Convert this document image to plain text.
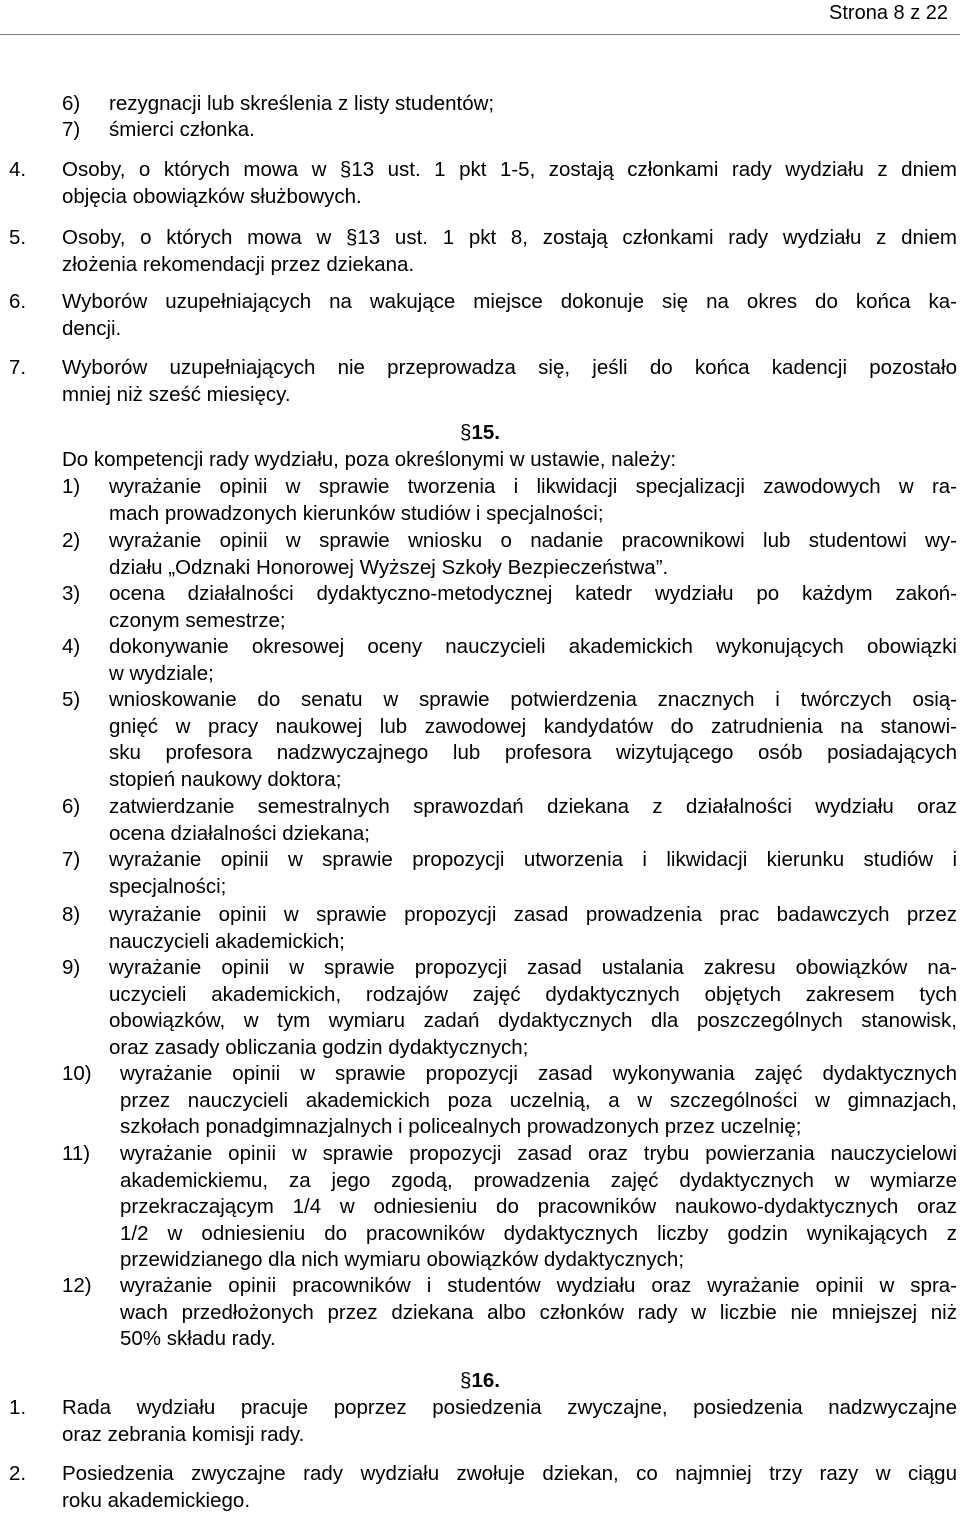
Strona 8 z 22
6) rezygnacji lub skreślenia z listy studentów;
7) śmierci członka.
4. Osoby, o których mowa w §13 ust. 1 pkt 1-5, zostają członkami rady wydziału z dniem
objęcia obowiązków służbowych.
5. Osoby, o których mowa w §13 ust. 1 pkt 8, zostają członkami rady wydziału z dniem
złożenia rekomendacji przez dziekana.
6. Wyborów uzupełniających na wakujące miejsce dokonuje się na okres do końca ka-
dencji.
7. Wyborów uzupełniających nie przeprowadza się, jeśli do końca kadencji pozostało
mniej niż sześć miesięcy.
§15.
Do kompetencji rady wydziału, poza określonymi w ustawie, należy:
1) wyrażanie opinii w sprawie tworzenia i likwidacji specjalizacji zawodowych w ra-
mach prowadzonych kierunków studiów i specjalności;
2) wyrażanie opinii w sprawie wniosku o nadanie pracownikowi lub studentowi wy-
działu „Odznaki Honorowej Wyższej Szkoły Bezpieczeństwa”.
3) ocena działalności dydaktyczno-metodycznej katedr wydziału po każdym zakoń-
czonym semestrze;
4) dokonywanie okresowej oceny nauczycieli akademickich wykonujących obowiązki
w wydziale;
5) wnioskowanie do senatu w sprawie potwierdzenia znacznych i twórczych osią-
gnięć w pracy naukowej lub zawodowej kandydatów do zatrudnienia na stanowi-
sku profesora nadzwyczajnego lub profesora wizytującego osób posiadających
stopień naukowy doktora;
6) zatwierdzanie semestralnych sprawozdań dziekana z działalności wydziału oraz
ocena działalności dziekana;
7) wyrażanie opinii w sprawie propozycji utworzenia i likwidacji kierunku studiów i
specjalności;
8) wyrażanie opinii w sprawie propozycji zasad prowadzenia prac badawczych przez
nauczycieli akademickich;
9) wyrażanie opinii w sprawie propozycji zasad ustalania zakresu obowiązków na-
uczycieli akademickich, rodzajów zajęć dydaktycznych objętych zakresem tych
obowiązków, w tym wymiaru zadań dydaktycznych dla poszczególnych stanowisk,
oraz zasady obliczania godzin dydaktycznych;
10) wyrażanie opinii w sprawie propozycji zasad wykonywania zajęć dydaktycznych
przez nauczycieli akademickich poza uczelnią, a w szczególności w gimnazjach,
szkołach ponadgimnazjalnych i policealnych prowadzonych przez uczelnię;
11) wyrażanie opinii w sprawie propozycji zasad oraz trybu powierzania nauczycielowi
akademickiemu, za jego zgodą, prowadzenia zajęć dydaktycznych w wymiarze
przekraczającym 1/4 w odniesieniu do pracowników naukowo-dydaktycznych oraz
1/2 w odniesieniu do pracowników dydaktycznych liczby godzin wynikających z
przewidzianego dla nich wymiaru obowiązków dydaktycznych;
12) wyrażanie opinii pracowników i studentów wydziału oraz wyrażanie opinii w spra-
wach przedłożonych przez dziekana albo członków rady w liczbie nie mniejszej niż
50% składu rady.
§16.
1. Rada wydziału pracuje poprzez posiedzenia zwyczajne, posiedzenia nadzwyczajne
oraz zebrania komisji rady.
2. Posiedzenia zwyczajne rady wydziału zwołuje dziekan, co najmniej trzy razy w ciągu
roku akademickiego.
